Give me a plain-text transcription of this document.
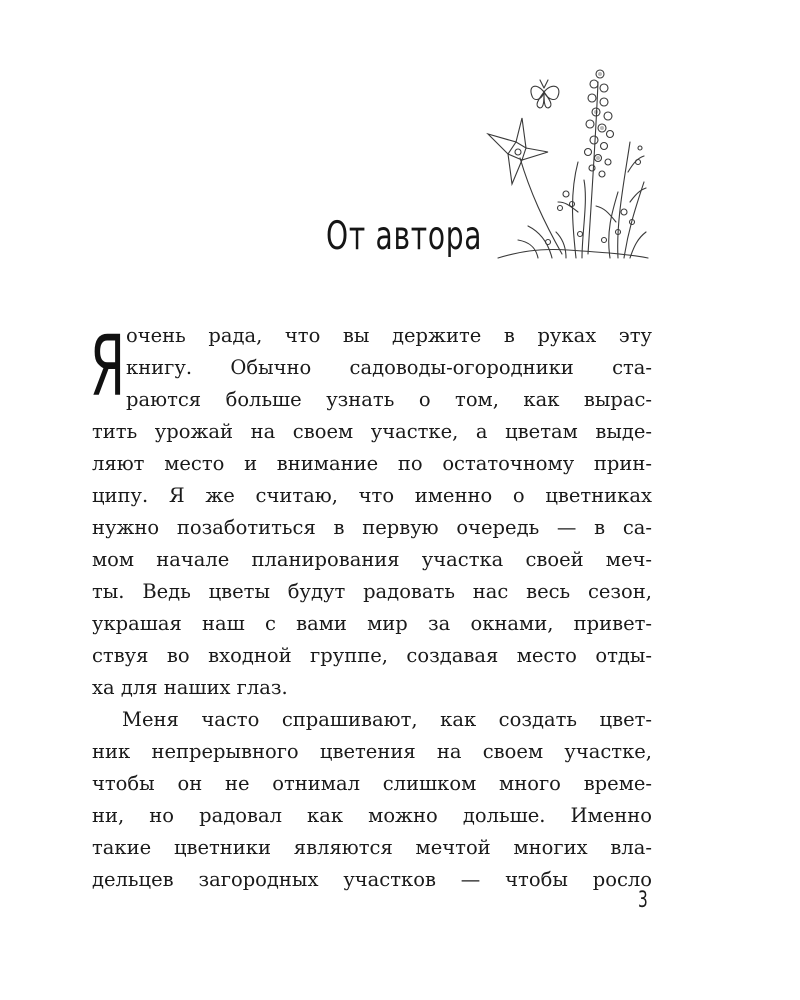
От автора
Я очень рада, что вы держите в руках эту
книгу. Обычно садоводы-огородники ста-
раются больше узнать о том, как вырас-
тить урожай на своем участке, а цветам выде-
ляют место и внимание по остаточному прин-
ципу. Я же считаю, что именно о цветниках
нужно позаботиться в первую очередь — в са-
мом начале планирования участка своей меч-
ты. Ведь цветы будут радовать нас весь сезон,
украшая наш с вами мир за окнами, привет-
ствуя во входной группе, создавая место отды-
ха для наших глаз.
Меня часто спрашивают, как создать цвет-
ник непрерывного цветения на своем участке,
чтобы он не отнимал слишком много време-
ни, но радовал как можно дольше. Именно
такие цветники являются мечтой многих вла-
дельцев загородных участков — чтобы росло
3
